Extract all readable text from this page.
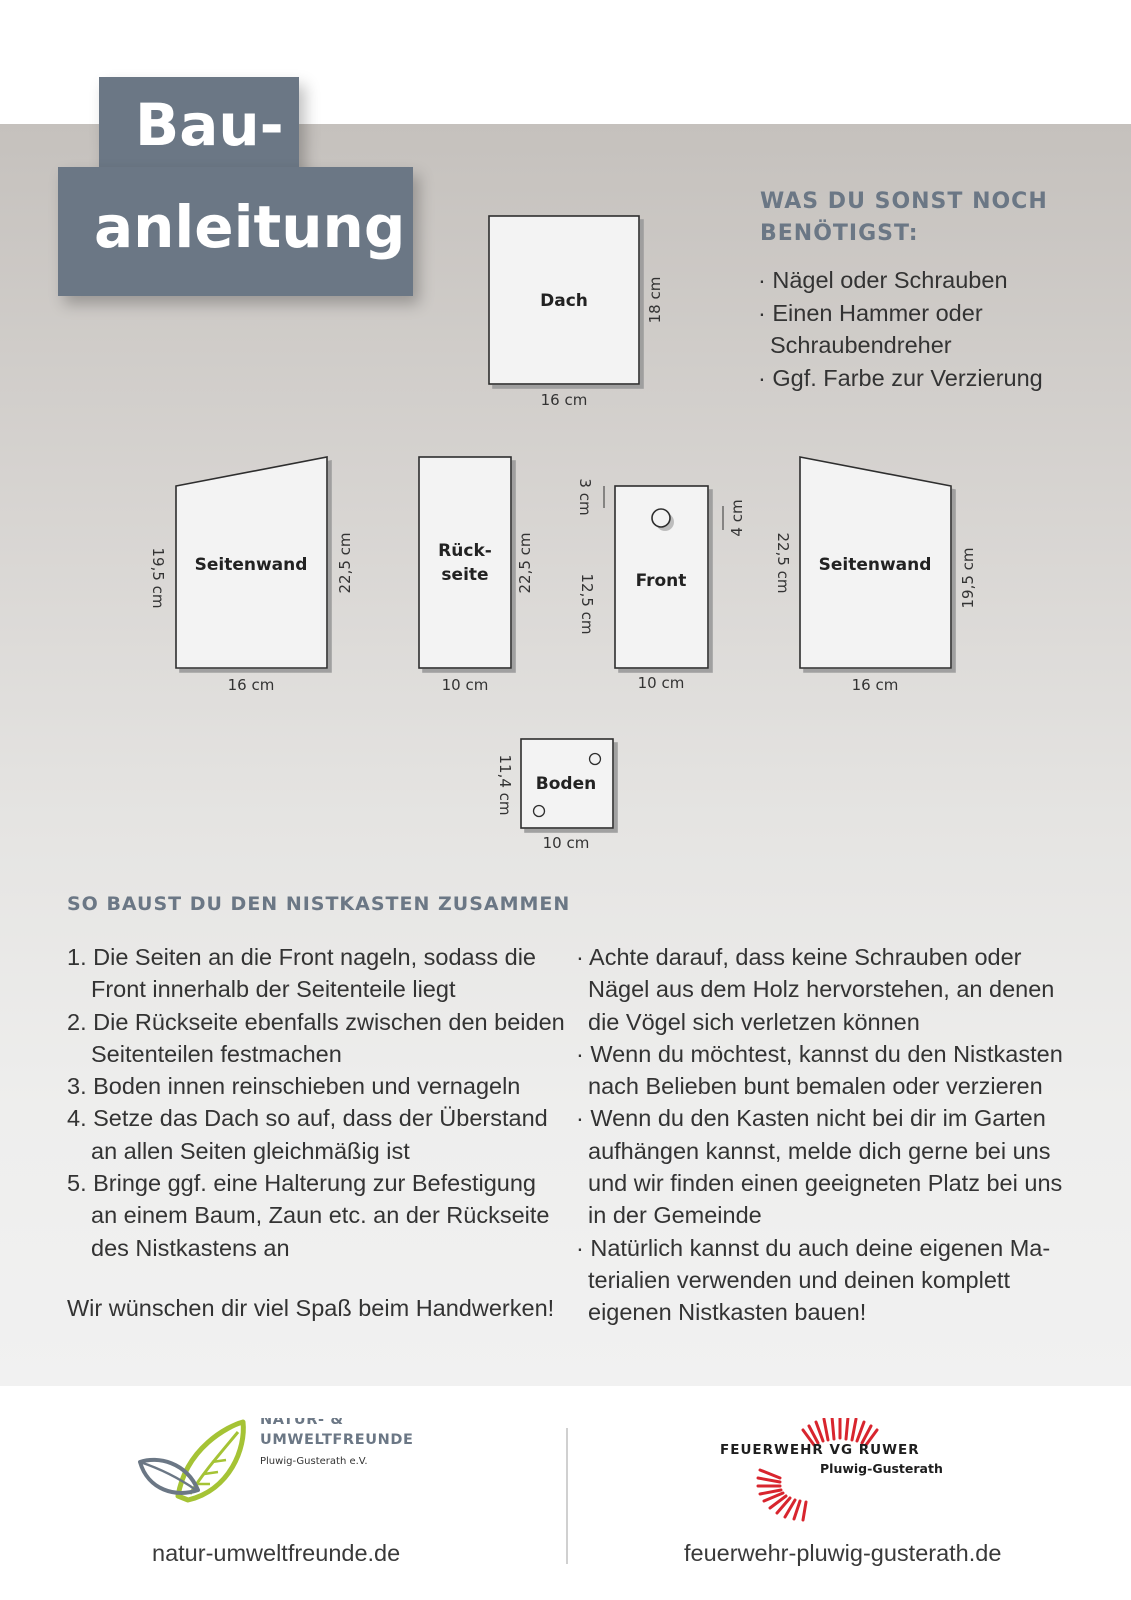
Bau-
anleitung	WAS DU SONST NOCH
BENÖTIGST:
· Nägel oder Schrauben
· Einen Hammer oder Schraubendreher
· Ggf. Farbe zur Verzierung
Dach
16 cm
18 cm
Seitenwand
16 cm
19,5 cm	22,5 cm	Rück-
seite
10 cm
22,5 cm	Front
10 cm
3 cm
4 cm
12,5 cm
Seitenwand
16 cm
22,5 cm	19,5 cm
Boden
10 cm
11,4 cm
SO BAUST DU DEN NISTKASTEN ZUSAMMEN
1. Die Seiten an die Front nageln, sodass die Front innerhalb der Seitenteile liegt
2. Die Rückseite ebenfalls zwischen den beiden Seitenteilen festmachen
3. Boden innen reinschieben und vernageln
4. Setze das Dach so auf, dass der Überstand an allen Seiten gleichmäßig ist
5. Bringe ggf. eine Halterung zur Befestigung an einem Baum, Zaun etc. an der Rückseite des Nistkastens an

Wir wünschen dir viel Spaß beim Handwerken!

· Achte darauf, dass keine Schrauben oder Nägel aus dem Holz hervorstehen, an denen die Vögel sich verletzen können
· Wenn du möchtest, kannst du den Nistkasten nach Belieben bunt bemalen oder verzieren
· Wenn du den Kasten nicht bei dir im Garten aufhängen kannst, melde dich gerne bei uns und wir finden einen geeigneten Platz bei uns in der Gemeinde
· Natürlich kannst du auch deine eigenen Materialien verwenden und deinen komplett eigenen Nistkasten bauen!
NATUR- &
UMWELTFREUNDE
Pluwig-Gusterath e.V.
FEUERWEHR VG RUWER
Pluwig-Gusterath
natur-umweltfreunde.de	feuerwehr-pluwig-gusterath.de
